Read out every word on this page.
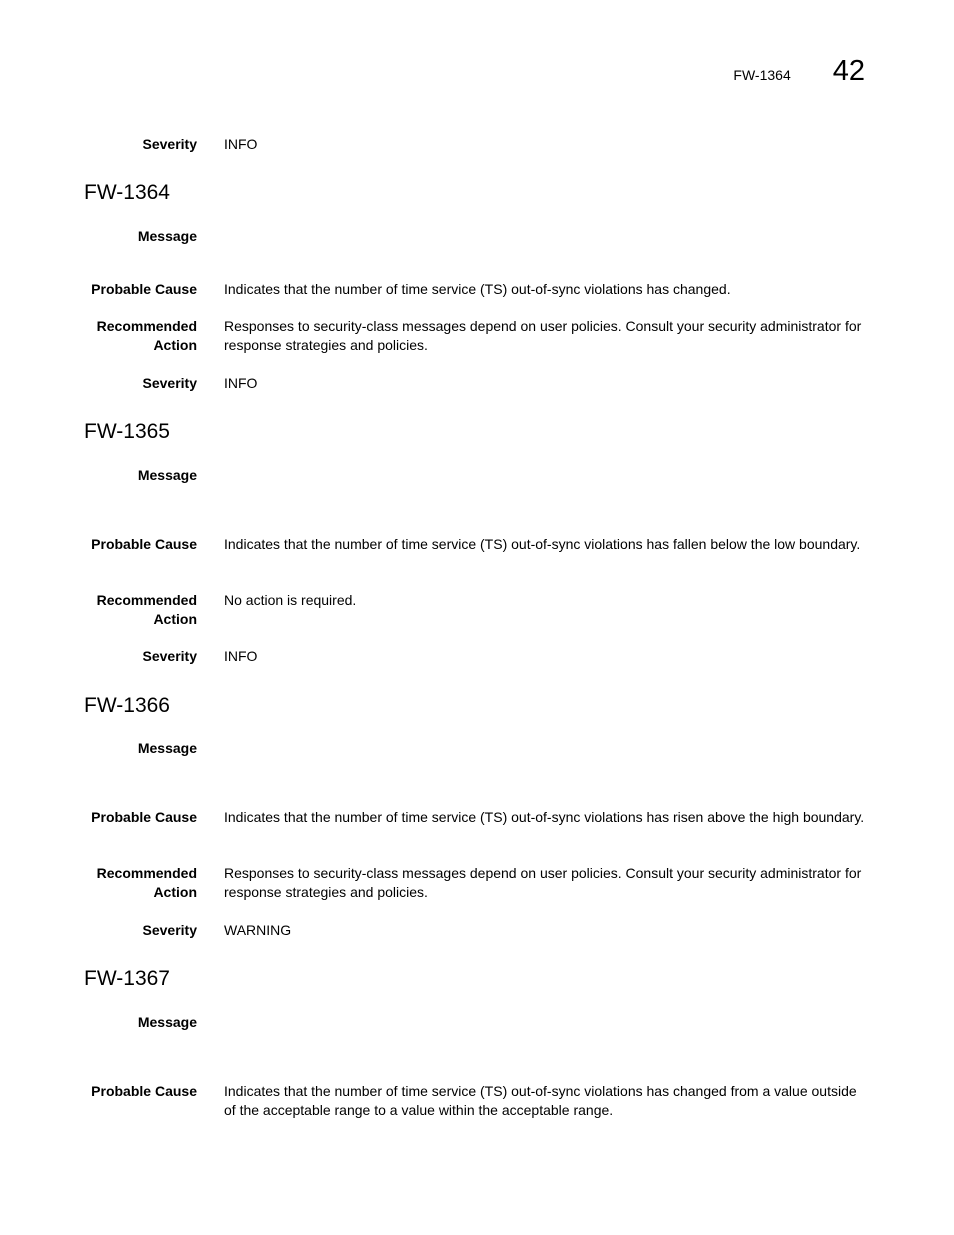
FW-1364 42
Severity INFO
FW-1364
Message
Probable Cause Indicates that the number of time service (TS) out-of-sync violations has changed.
Recommended Action
Responses to security-class messages depend on user policies. Consult your security administrator for response strategies and policies.
Severity INFO
FW-1365
Message
Probable Cause Indicates that the number of time service (TS) out-of-sync violations has fallen below the low boundary.
Recommended Action
No action is required.
Severity INFO
FW-1366
Message
Probable Cause Indicates that the number of time service (TS) out-of-sync violations has risen above the high boundary.
Recommended Action
Responses to security-class messages depend on user policies. Consult your security administrator for response strategies and policies.
Severity WARNING
FW-1367
Message
Probable Cause Indicates that the number of time service (TS) out-of-sync violations has changed from a value outside of the acceptable range to a value within the acceptable range.
